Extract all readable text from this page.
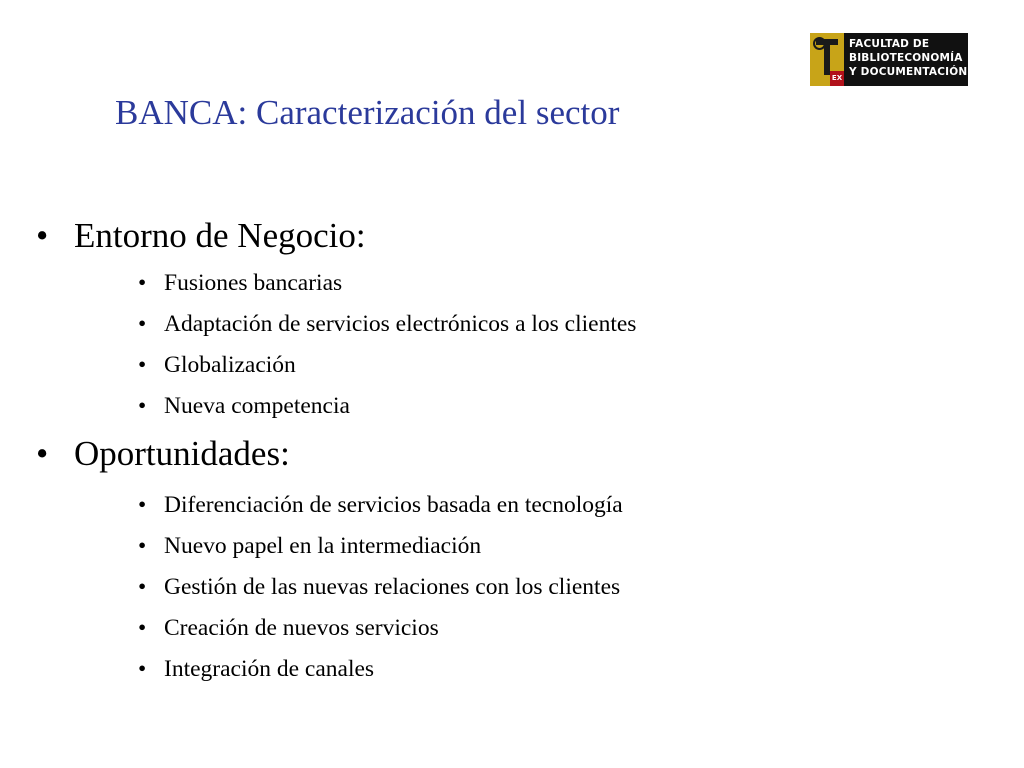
EX
FACULTAD DE
BIBLIOTECONOMÍA
Y DOCUMENTACIÓN
BANCA: Caracterización del sector
• Entorno de Negocio:
• Fusiones bancarias
• Adaptación de servicios electrónicos a los clientes
• Globalización
• Nueva competencia
• Oportunidades:
• Diferenciación de servicios basada en tecnología
• Nuevo papel en la intermediación
• Gestión de las nuevas relaciones con los clientes
• Creación de nuevos servicios
• Integración de canales
